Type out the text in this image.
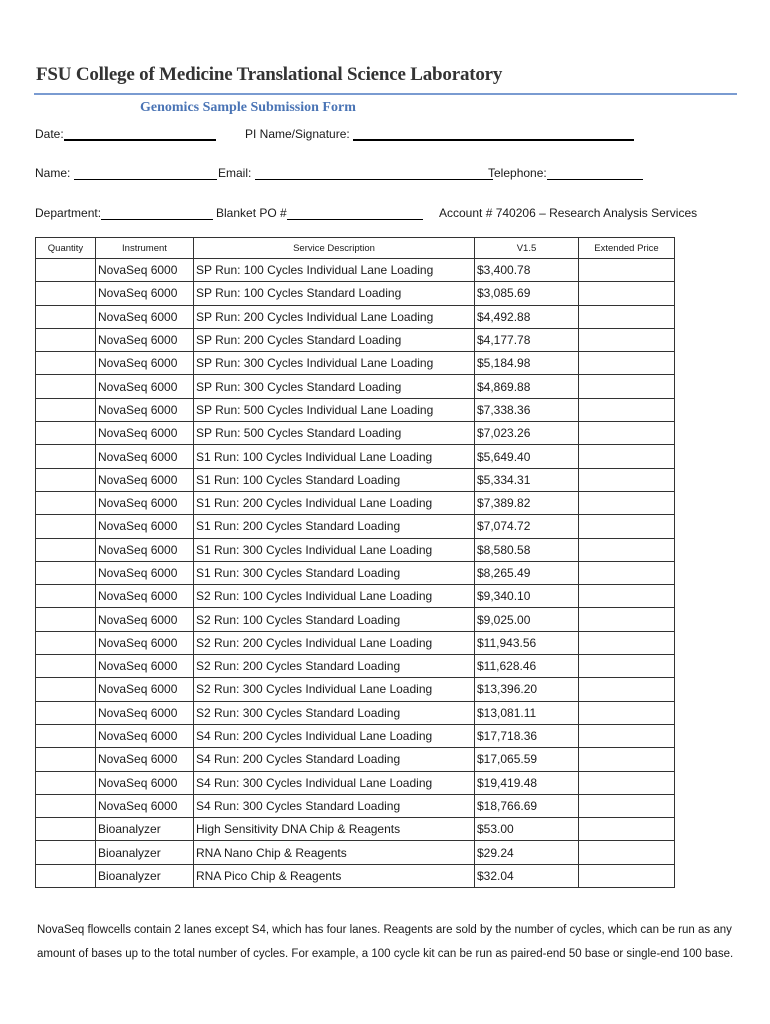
FSU College of Medicine Translational Science Laboratory
Genomics Sample Submission Form
Date:	PI Name/Signature:
Name:	Email:	Telephone:
Department:	Blanket PO #	Account # 740206 – Research Analysis Services
Quantity	Instrument	Service Description	V1.5	Extended Price
	NovaSeq 6000	SP Run: 100 Cycles Individual Lane Loading	$3,400.78	
	NovaSeq 6000	SP Run: 100 Cycles Standard Loading	$3,085.69	
	NovaSeq 6000	SP Run: 200 Cycles Individual Lane Loading	$4,492.88	
	NovaSeq 6000	SP Run: 200 Cycles Standard Loading	$4,177.78	
	NovaSeq 6000	SP Run: 300 Cycles Individual Lane Loading	$5,184.98	
	NovaSeq 6000	SP Run: 300 Cycles Standard Loading	$4,869.88	
	NovaSeq 6000	SP Run: 500 Cycles Individual Lane Loading	$7,338.36	
	NovaSeq 6000	SP Run: 500 Cycles Standard Loading	$7,023.26	
	NovaSeq 6000	S1 Run: 100 Cycles Individual Lane Loading	$5,649.40	
	NovaSeq 6000	S1 Run: 100 Cycles Standard Loading	$5,334.31	
	NovaSeq 6000	S1 Run: 200 Cycles Individual Lane Loading	$7,389.82	
	NovaSeq 6000	S1 Run: 200 Cycles Standard Loading	$7,074.72	
	NovaSeq 6000	S1 Run: 300 Cycles Individual Lane Loading	$8,580.58	
	NovaSeq 6000	S1 Run: 300 Cycles Standard Loading	$8,265.49	
	NovaSeq 6000	S2 Run: 100 Cycles Individual Lane Loading	$9,340.10	
	NovaSeq 6000	S2 Run: 100 Cycles Standard Loading	$9,025.00	
	NovaSeq 6000	S2 Run: 200 Cycles Individual Lane Loading	$11,943.56	
	NovaSeq 6000	S2 Run: 200 Cycles Standard Loading	$11,628.46	
	NovaSeq 6000	S2 Run: 300 Cycles Individual Lane Loading	$13,396.20	
	NovaSeq 6000	S2 Run: 300 Cycles Standard Loading	$13,081.11	
	NovaSeq 6000	S4 Run: 200 Cycles Individual Lane Loading	$17,718.36	
	NovaSeq 6000	S4 Run: 200 Cycles Standard Loading	$17,065.59	
	NovaSeq 6000	S4 Run: 300 Cycles Individual Lane Loading	$19,419.48	
	NovaSeq 6000	S4 Run: 300 Cycles Standard Loading	$18,766.69	
	Bioanalyzer	High Sensitivity DNA Chip & Reagents	$53.00	
	Bioanalyzer	RNA Nano Chip & Reagents	$29.24	
	Bioanalyzer	RNA Pico Chip & Reagents	$32.04	
NovaSeq flowcells contain 2 lanes except S4, which has four lanes. Reagents are sold by the number of cycles, which can be run as any amount of bases up to the total number of cycles. For example, a 100 cycle kit can be run as paired-end 50 base or single-end 100 base.
